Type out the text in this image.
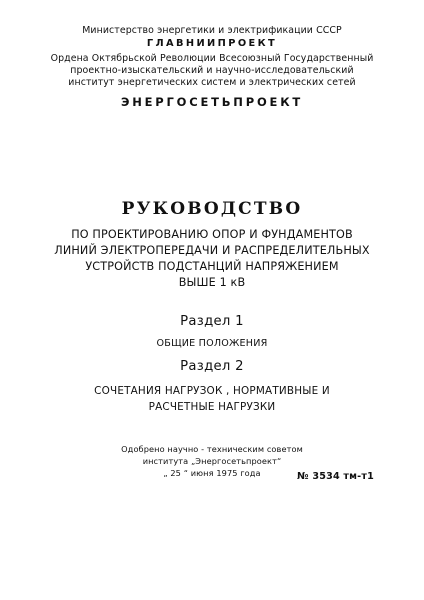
Министерство энергетики и электрификации СССР
ГЛАВНИИПРОЕКТ
Ордена Октябрьской Революции Всесоюзный Государственный
проектно-изыскательский и научно-исследовательский
институт энергетических систем и электрических сетей
ЭНЕРГОСЕТЬПРОЕКТ
РУКОВОДСТВО
ПО ПРОЕКТИРОВАНИЮ ОПОР И ФУНДАМЕНТОВ
ЛИНИЙ ЭЛЕКТРОПЕРЕДАЧИ И РАСПРЕДЕЛИТЕЛЬНЫХ
УСТРОЙСТВ ПОДСТАНЦИЙ НАПРЯЖЕНИЕМ
ВЫШЕ 1 кВ
Раздел 1
ОБЩИЕ ПОЛОЖЕНИЯ
Раздел 2
СОЧЕТАНИЯ НАГРУЗОК , НОРМАТИВНЫЕ И
РАСЧЕТНЫЕ НАГРУЗКИ
Одобрено научно - техническим советом
института „Энергосетьпроект“
„ 25 “ июня 1975 года	№ 3534 тм-т1
